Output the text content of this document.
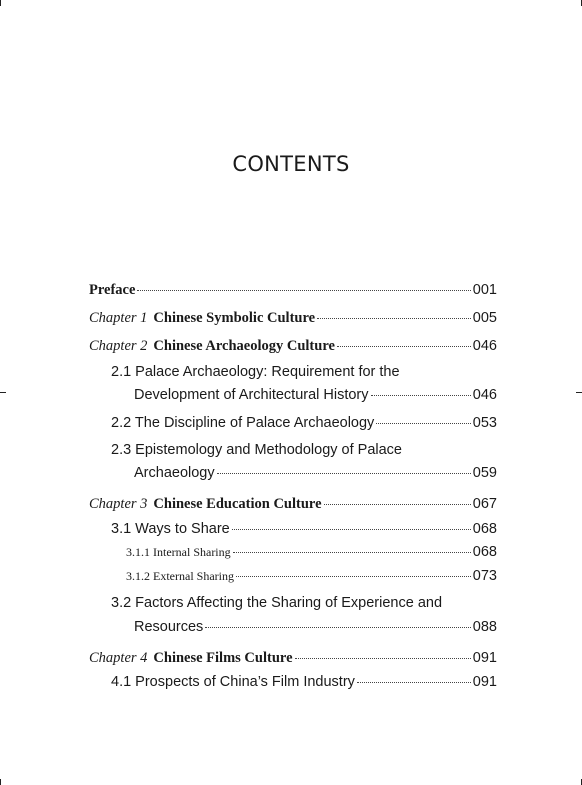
CONTENTS
Preface	001
Chapter 1 Chinese Symbolic Culture	005
Chapter 2 Chinese Archaeology Culture	046
2.1 Palace Archaeology: Requirement for the
Development of Architectural History	046
2.2 The Discipline of Palace Archaeology	053
2.3 Epistemology and Methodology of Palace
Archaeology	059
Chapter 3 Chinese Education Culture	067
3.1 Ways to Share	068
3.1.1 Internal Sharing	068
3.1.2 External Sharing	073
3.2 Factors Affecting the Sharing of Experience and
Resources	088
Chapter 4 Chinese Films Culture	091
4.1 Prospects of China’s Film Industry	091
